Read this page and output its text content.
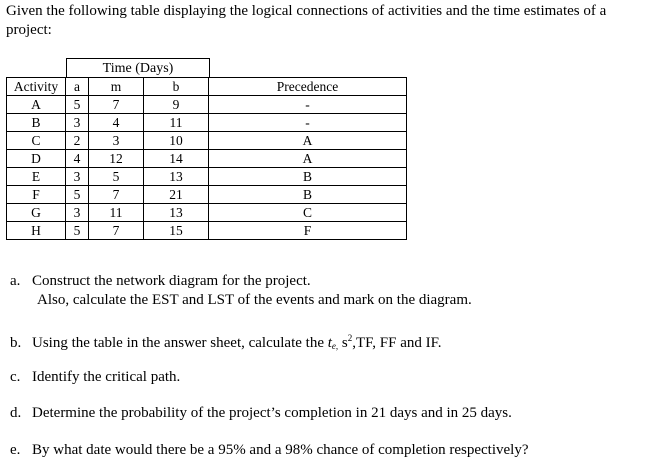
Given the following table displaying the logical connections of activities and the time estimates of a

project:

Time (Days)
Activity	a	m	b	Precedence
A	5	7	9	-
B	3	4	11	-
C	2	3	10	A
D	4	12	14	A
E	3	5	13	B
F	5	7	21	B
G	3	11	13	C
H	5	7	15	F
a. Construct the network diagram for the project.
Also, calculate the EST and LST of the events and mark on the diagram.
b. Using the table in the answer sheet, calculate the te, $s^2,TF$, FF and IF.
c. Identify the critical path.
d. Determine the probability of the project’s completion in 21 days and in 25 days.
e. By what date would there be a 95% and a 98% chance of completion respectively?
